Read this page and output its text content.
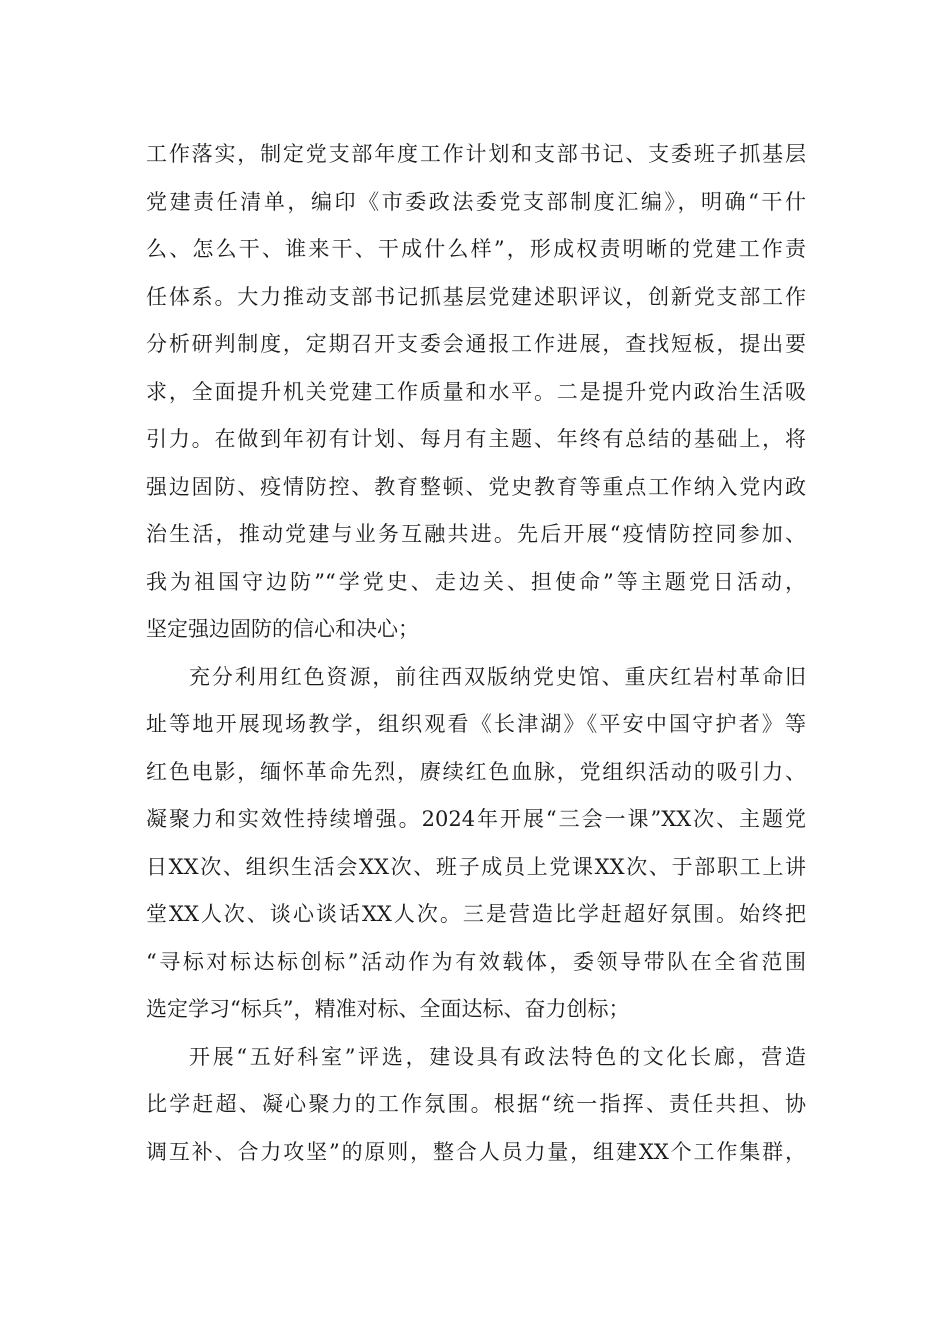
工作落实，制定党支部年度工作计划和支部书记、支委班子抓基层
党建责任清单，编印《市委政法委党支部制度汇编》，明确“干什
么、怎么干、谁来干、干成什么样”，形成权责明晰的党建工作责
任体系。大力推动支部书记抓基层党建述职评议，创新党支部工作
分析研判制度，定期召开支委会通报工作进展，查找短板，提出要
求，全面提升机关党建工作质量和水平。二是提升党内政治生活吸
引力。在做到年初有计划、每月有主题、年终有总结的基础上，将
强边固防、疫情防控、教育整顿、党史教育等重点工作纳入党内政
治生活，推动党建与业务互融共进。先后开展“疫情防控同参加、
我为祖国守边防”“学党史、走边关、担使命”等主题党日活动，
坚定强边固防的信心和决心；
充分利用红色资源，前往西双版纳党史馆、重庆红岩村革命旧
址等地开展现场教学，组织观看《长津湖》《平安中国守护者》等
红色电影，缅怀革命先烈，赓续红色血脉，党组织活动的吸引力、
凝聚力和实效性持续增强。2024年开展“三会一课”XX次、主题党
日XX次、组织生活会XX次、班子成员上党课XX次、于部职工上讲
堂XX人次、谈心谈话XX人次。三是营造比学赶超好氛围。始终把
“寻标对标达标创标”活动作为有效载体，委领导带队在全省范围
选定学习“标兵”，精准对标、全面达标、奋力创标；
开展“五好科室”评选，建设具有政法特色的文化长廊，营造
比学赶超、凝心聚力的工作氛围。根据“统一指挥、责任共担、协
调互补、合力攻坚”的原则，整合人员力量，组建XX个工作集群，
